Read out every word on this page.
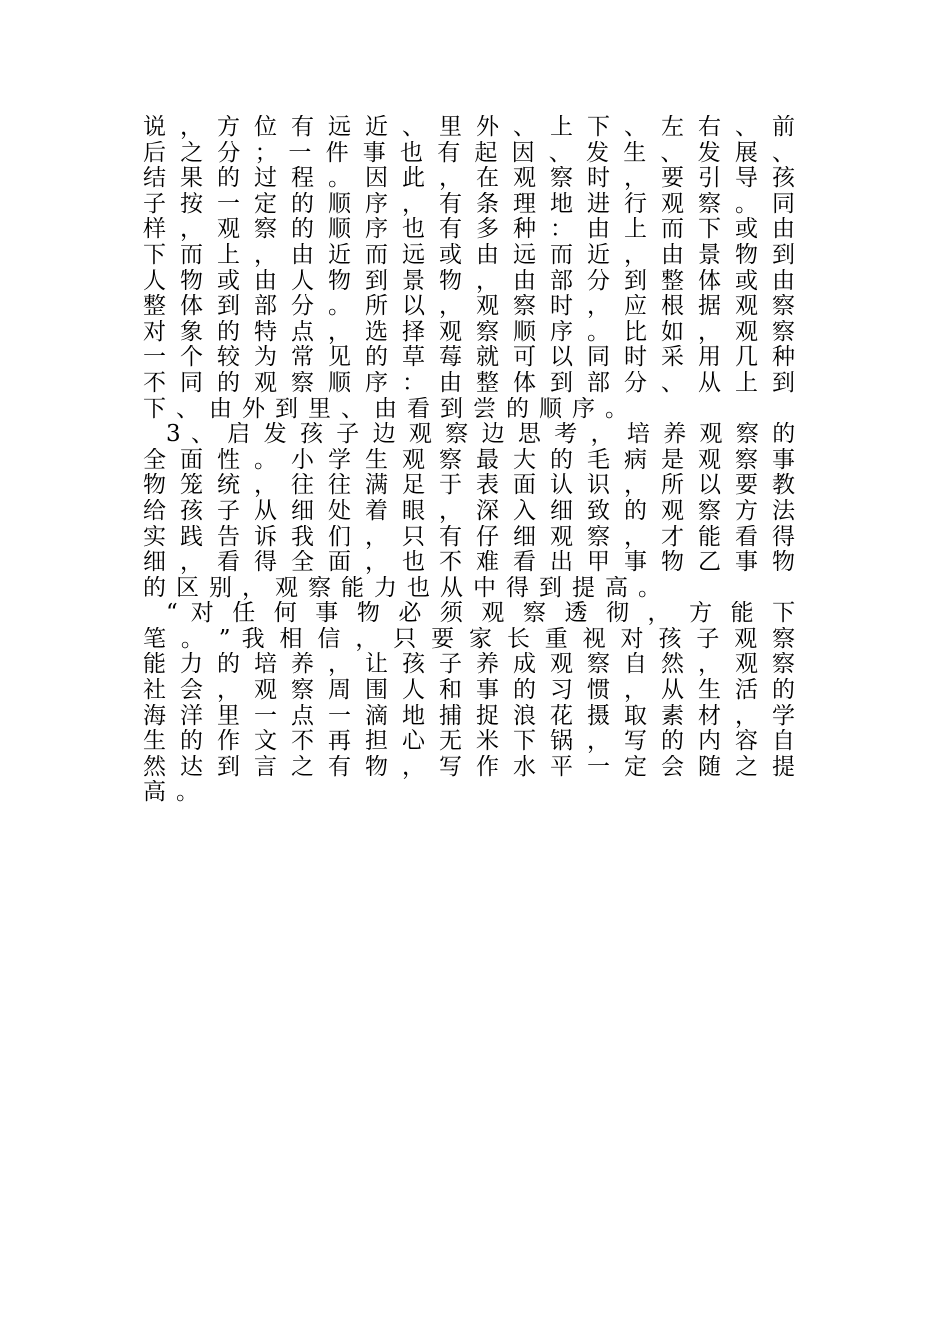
说 ， 方 位 有 远 近 、 里 外 、 上 下 、 左 右 、 前
后 之 分 ； 一 件 事 也 有 起 因 、 发 生 、 发 展 、
结 果 的 过 程 。 因 此 ， 在 观 察 时 ， 要 引 导 孩
子 按 一 定 的 顺 序 ， 有 条 理 地 进 行 观 察 。 同
样 ， 观 察 的 顺 序 也 有 多 种 ： 由 上 而 下 或 由
下 而 上 ， 由 近 而 远 或 由 远 而 近 ， 由 景 物 到
人 物 或 由 人 物 到 景 物 ， 由 部 分 到 整 体 或 由
整 体 到 部 分 。 所 以 ， 观 察 时 ， 应 根 据 观 察
对 象 的 特 点 ， 选 择 观 察 顺 序 。 比 如 ， 观 察
一 个 较 为 常 见 的 草 莓 就 可 以 同 时 采 用 几 种
不 同 的 观 察 顺 序 ： 由 整 体 到 部 分 、 从 上 到
下、由外到里、由看到尝的顺序。
3 、 启 发 孩 子 边 观 察 边 思 考 ， 培 养 观 察 的
全 面 性 。 小 学 生 观 察 最 大 的 毛 病 是 观 察 事
物 笼 统 ， 往 往 满 足 于 表 面 认 识 ， 所 以 要 教
给 孩 子 从 细 处 着 眼 ， 深 入 细 致 的 观 察 方 法
实 践 告 诉 我 们 ， 只 有 仔 细 观 察 ， 才 能 看 得
细 ， 看 得 全 面 ， 也 不 难 看 出 甲 事 物 乙 事 物
的区别，观察能力也从中得到提高。
“ 对 任 何 事 物 必 须 观 察 透 彻 ， 方 能 下
笔 。 ” 我 相 信 ， 只 要 家 长 重 视 对 孩 子 观 察
能 力 的 培 养 ， 让 孩 子 养 成 观 察 自 然 ， 观 察
社 会 ， 观 察 周 围 人 和 事 的 习 惯 ， 从 生 活 的
海 洋 里 一 点 一 滴 地 捕 捉 浪 花 摄 取 素 材 ， 学
生 的 作 文 不 再 担 心 无 米 下 锅 ， 写 的 内 容 自
然 达 到 言 之 有 物 ， 写 作 水 平 一 定 会 随 之 提
高。
